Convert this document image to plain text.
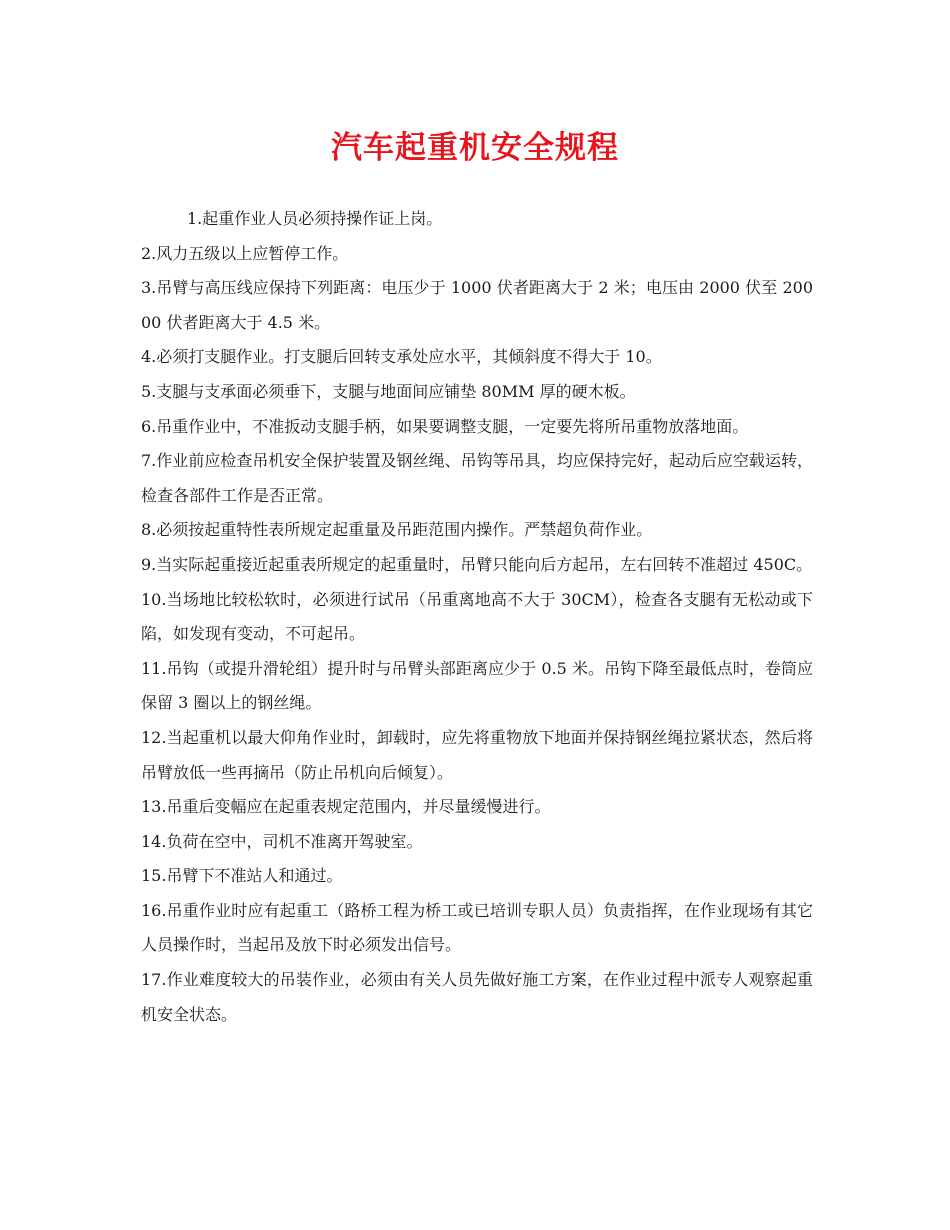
汽车起重机安全规程

1.起重作业人员必须持操作证上岗。

2.风力五级以上应暂停工作。

3.吊臂与高压线应保持下列距离：电压少于 1000 伏者距离大于 2 米；电压由 2000 伏至 20000 伏者距离大于 4.5 米。

4.必须打支腿作业。打支腿后回转支承处应水平，其倾斜度不得大于 10。

5.支腿与支承面必须垂下，支腿与地面间应铺垫 80MM 厚的硬木板。

6.吊重作业中，不准扳动支腿手柄，如果要调整支腿，一定要先将所吊重物放落地面。

7.作业前应检查吊机安全保护装置及钢丝绳、吊钩等吊具，均应保持完好，起动后应空载运转，检查各部件工作是否正常。

8.必须按起重特性表所规定起重量及吊距范围内操作。严禁超负荷作业。

9.当实际起重接近起重表所规定的起重量时，吊臂只能向后方起吊，左右回转不准超过 450C。

10.当场地比较松软时，必须进行试吊（吊重离地高不大于 30CM），检查各支腿有无松动或下陷，如发现有变动，不可起吊。

11.吊钩（或提升滑轮组）提升时与吊臂头部距离应少于 0.5 米。吊钩下降至最低点时，卷筒应保留 3 圈以上的钢丝绳。

12.当起重机以最大仰角作业时，卸载时，应先将重物放下地面并保持钢丝绳拉紧状态，然后将吊臂放低一些再摘吊（防止吊机向后倾复）。

13.吊重后变幅应在起重表规定范围内，并尽量缓慢进行。

14.负荷在空中，司机不准离开驾驶室。

15.吊臂下不准站人和通过。

16.吊重作业时应有起重工（路桥工程为桥工或已培训专职人员）负责指挥，在作业现场有其它人员操作时，当起吊及放下时必须发出信号。

17.作业难度较大的吊装作业，必须由有关人员先做好施工方案，在作业过程中派专人观察起重机安全状态。
